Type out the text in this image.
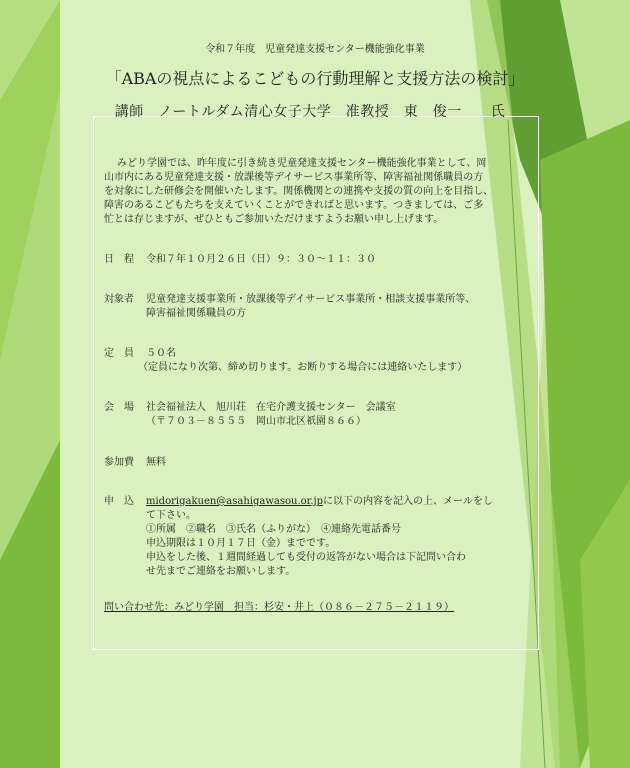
令和７年度　児童発達支援センター機能強化事業
「ABAの視点によるこどもの行動理解と支援方法の検討」
講師　ノートルダム清心女子大学　准教授　東　俊一　　氏
みどり学園では、昨年度に引き続き児童発達支援センター機能強化事業として、岡
山市内にある児童発達支援・放課後等デイサービス事業所等、障害福祉関係職員の方
を対象にした研修会を開催いたします。関係機関との連携や支援の質の向上を目指し、
障害のあるこどもたちを支えていくことができればと思います。つきましては、ご多
忙とは存じますが、ぜひともご参加いただけますようお願い申し上げます。
日　程 令和７年１０月２６日（日）９：３０～１１：３０
対象者 児童発達支援事業所・放課後等デイサービス事業所・相談支援事業所等、
障害福祉関係職員の方
定　員 ５０名
（定員になり次第、締め切ります。お断りする場合には連絡いたします）
会　場 社会福祉法人　旭川荘　在宅介護支援センター　会議室
（〒７０３－８５５５　岡山市北区祇園８６６）
参加費 無料
申　込 midorigakuen@asahigawasou.or.jpに以下の内容を記入の上、メールをし
て下さい。
①所属　②職名　③氏名（ふりがな）　④連絡先電話番号
申込期限は１０月１７日（金）までです。
申込をした後、１週間経過しても受付の返答がない場合は下記問い合わ
せ先までご連絡をお願いします。
問い合わせ先：みどり学園　担当：杉安・井上（０８６－２７５－２１１９）
